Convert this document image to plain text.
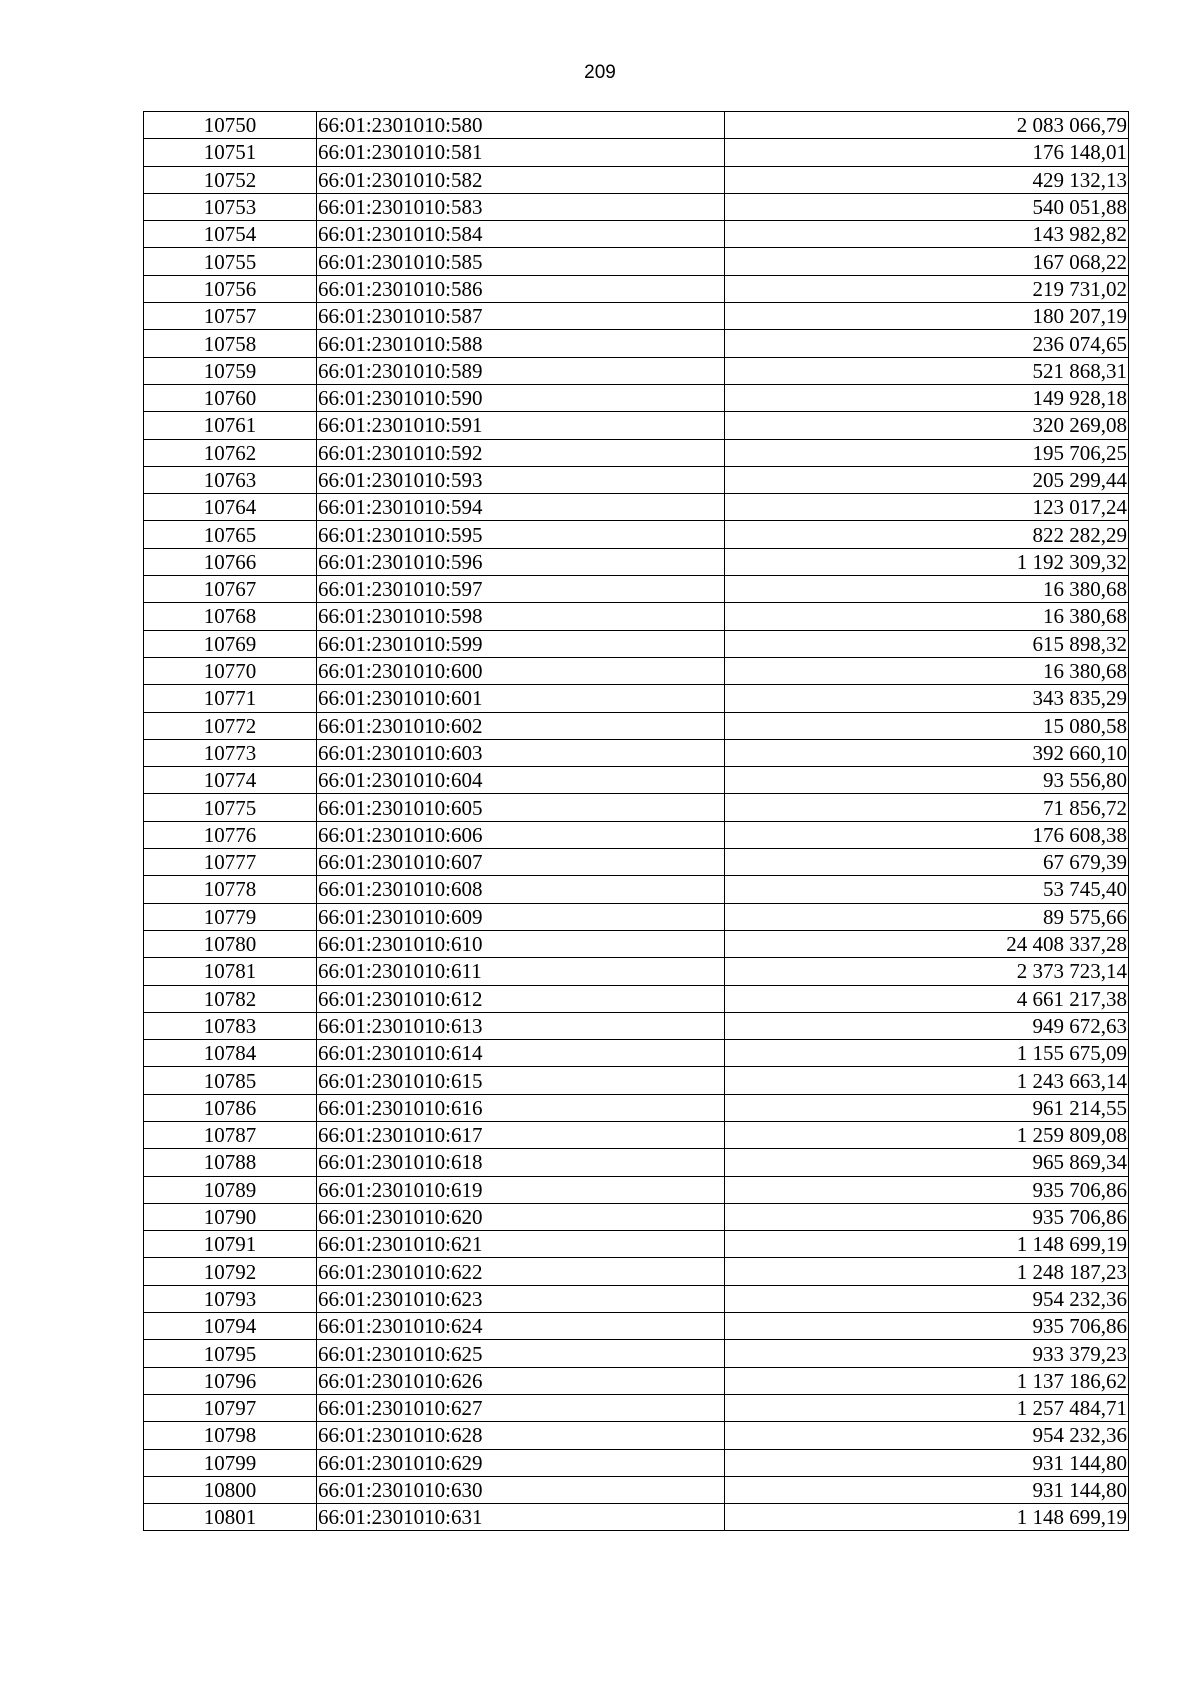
209
10750	66:01:2301010:580	2 083 066,79
10751	66:01:2301010:581	176 148,01
10752	66:01:2301010:582	429 132,13
10753	66:01:2301010:583	540 051,88
10754	66:01:2301010:584	143 982,82
10755	66:01:2301010:585	167 068,22
10756	66:01:2301010:586	219 731,02
10757	66:01:2301010:587	180 207,19
10758	66:01:2301010:588	236 074,65
10759	66:01:2301010:589	521 868,31
10760	66:01:2301010:590	149 928,18
10761	66:01:2301010:591	320 269,08
10762	66:01:2301010:592	195 706,25
10763	66:01:2301010:593	205 299,44
10764	66:01:2301010:594	123 017,24
10765	66:01:2301010:595	822 282,29
10766	66:01:2301010:596	1 192 309,32
10767	66:01:2301010:597	16 380,68
10768	66:01:2301010:598	16 380,68
10769	66:01:2301010:599	615 898,32
10770	66:01:2301010:600	16 380,68
10771	66:01:2301010:601	343 835,29
10772	66:01:2301010:602	15 080,58
10773	66:01:2301010:603	392 660,10
10774	66:01:2301010:604	93 556,80
10775	66:01:2301010:605	71 856,72
10776	66:01:2301010:606	176 608,38
10777	66:01:2301010:607	67 679,39
10778	66:01:2301010:608	53 745,40
10779	66:01:2301010:609	89 575,66
10780	66:01:2301010:610	24 408 337,28
10781	66:01:2301010:611	2 373 723,14
10782	66:01:2301010:612	4 661 217,38
10783	66:01:2301010:613	949 672,63
10784	66:01:2301010:614	1 155 675,09
10785	66:01:2301010:615	1 243 663,14
10786	66:01:2301010:616	961 214,55
10787	66:01:2301010:617	1 259 809,08
10788	66:01:2301010:618	965 869,34
10789	66:01:2301010:619	935 706,86
10790	66:01:2301010:620	935 706,86
10791	66:01:2301010:621	1 148 699,19
10792	66:01:2301010:622	1 248 187,23
10793	66:01:2301010:623	954 232,36
10794	66:01:2301010:624	935 706,86
10795	66:01:2301010:625	933 379,23
10796	66:01:2301010:626	1 137 186,62
10797	66:01:2301010:627	1 257 484,71
10798	66:01:2301010:628	954 232,36
10799	66:01:2301010:629	931 144,80
10800	66:01:2301010:630	931 144,80
10801	66:01:2301010:631	1 148 699,19
